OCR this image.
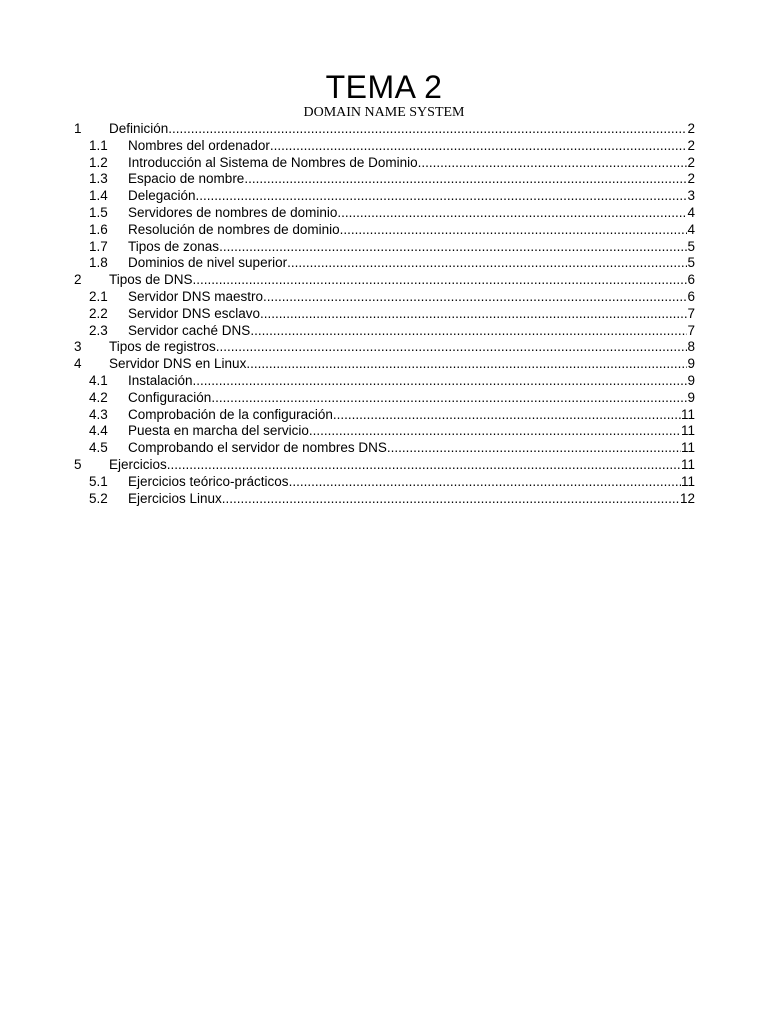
TEMA 2
DOMAIN NAME SYSTEM
1	Definición .....	2
1.1	Nombres del ordenador .....	2
1.2	Introducción al Sistema de Nombres de Dominio .....	2
1.3	Espacio de nombre .....	2
1.4	Delegación .....	3
1.5	Servidores de nombres de dominio .....	4
1.6	Resolución de nombres de dominio .....	4
1.7	Tipos de zonas .....	5
1.8	Dominios de nivel superior .....	5
2	Tipos de DNS .....	6
2.1	Servidor DNS maestro .....	6
2.2	Servidor DNS esclavo .....	7
2.3	Servidor caché DNS .....	7
3	Tipos de registros .....	8
4	Servidor DNS en Linux .....	9
4.1	Instalación .....	9
4.2	Configuración .....	9
4.3	Comprobación de la configuración .....	11
4.4	Puesta en marcha del servicio .....	11
4.5	Comprobando el servidor de nombres DNS .....	11
5	Ejercicios .....	11
5.1	Ejercicios teórico-prácticos .....	11
5.2	Ejercicios Linux .....	12
